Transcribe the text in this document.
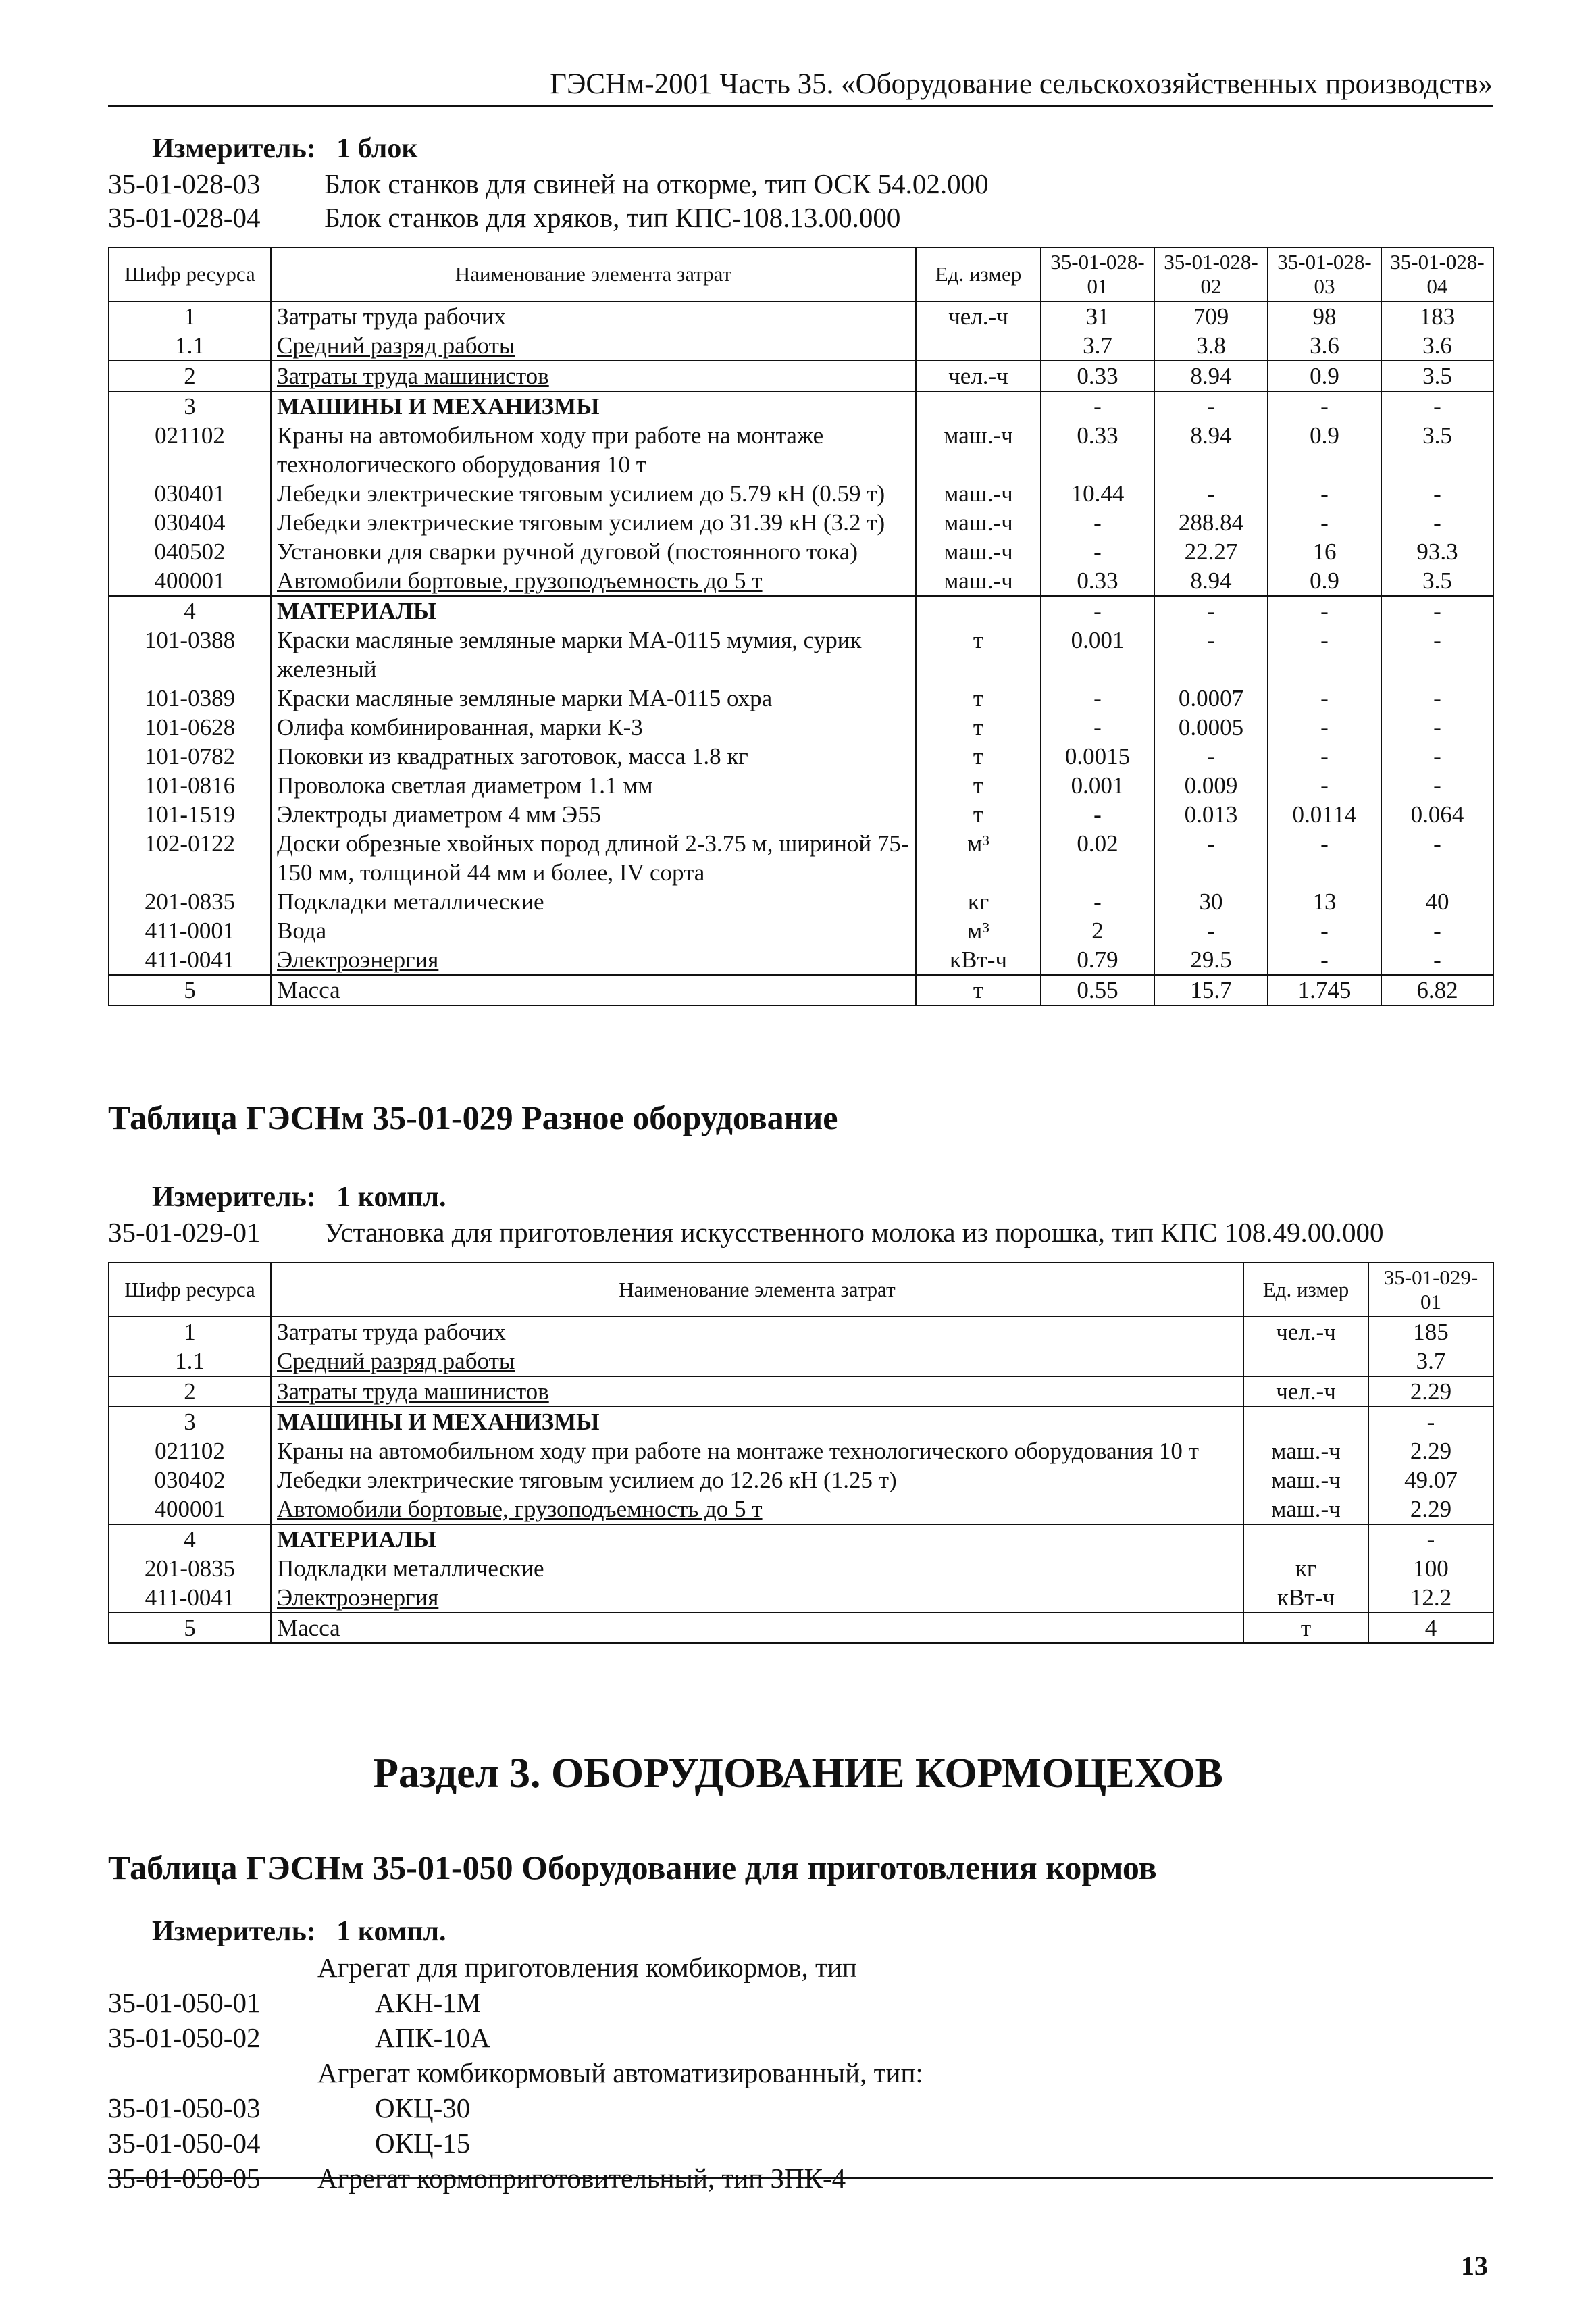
ГЭСНм-2001 Часть 35. «Оборудование сельскохозяйственных производств»
Измеритель: 1 блок
35-01-028-03 Блок станков для свиней на откорме, тип ОСК 54.02.000
35-01-028-04 Блок станков для хряков, тип КПС-108.13.00.000
Шифр ресурса	Наименование элемента затрат	Ед. измер	35-01-028-01	35-01-028-02	35-01-028-03	35-01-028-04
1	Затраты труда рабочих	чел.-ч	31	709	98	183
1.1	Средний разряд работы		3.7	3.8	3.6	3.6
2	Затраты труда машинистов	чел.-ч	0.33	8.94	0.9	3.5
3	МАШИНЫ И МЕХАНИЗМЫ		-	-	-	-
021102	Краны на автомобильном ходу при работе на монтаже технологического оборудования 10 т	маш.-ч	0.33	8.94	0.9	3.5
030401	Лебедки электрические тяговым усилием до 5.79 кН (0.59 т)	маш.-ч	10.44	-	-	-
030404	Лебедки электрические тяговым усилием до 31.39 кН (3.2 т)	маш.-ч	-	288.84	-	-
040502	Установки для сварки ручной дуговой (постоянного тока)	маш.-ч	-	22.27	16	93.3
400001	Автомобили бортовые, грузоподъемность до 5 т	маш.-ч	0.33	8.94	0.9	3.5
4	МАТЕРИАЛЫ		-	-	-	-
101-0388	Краски масляные земляные марки МА-0115 мумия, сурик железный	т	0.001	-	-	-
101-0389	Краски масляные земляные марки МА-0115 охра	т	-	0.0007	-	-
101-0628	Олифа комбинированная, марки К-3	т	-	0.0005	-	-
101-0782	Поковки из квадратных заготовок, масса 1.8 кг	т	0.0015	-	-	-
101-0816	Проволока светлая диаметром 1.1 мм	т	0.001	0.009	-	-
101-1519	Электроды диаметром 4 мм Э55	т	-	0.013	0.0114	0.064
102-0122	Доски обрезные хвойных пород длиной 2-3.75 м, шириной 75-150 мм, толщиной 44 мм и более, IV сорта	м³	0.02	-	-	-
201-0835	Подкладки металлические	кг	-	30	13	40
411-0001	Вода	м³	2	-	-	-
411-0041	Электроэнергия	кВт-ч	0.79	29.5	-	-
5	Масса	т	0.55	15.7	1.745	6.82
Таблица ГЭСНм 35-01-029 Разное оборудование
Измеритель: 1 компл.
35-01-029-01 Установка для приготовления искусственного молока из порошка, тип КПС 108.49.00.000
Шифр ресурса	Наименование элемента затрат	Ед. измер	35-01-029-01
1	Затраты труда рабочих	чел.-ч	185
1.1	Средний разряд работы		3.7
2	Затраты труда машинистов	чел.-ч	2.29
3	МАШИНЫ И МЕХАНИЗМЫ		-
021102	Краны на автомобильном ходу при работе на монтаже технологического оборудования 10 т	маш.-ч	2.29
030402	Лебедки электрические тяговым усилием до 12.26 кН (1.25 т)	маш.-ч	49.07
400001	Автомобили бортовые, грузоподъемность до 5 т	маш.-ч	2.29
4	МАТЕРИАЛЫ		-
201-0835	Подкладки металлические	кг	100
411-0041	Электроэнергия	кВт-ч	12.2
5	Масса	т	4
Раздел 3. ОБОРУДОВАНИЕ КОРМОЦЕХОВ
Таблица ГЭСНм 35-01-050 Оборудование для приготовления кормов
Измеритель: 1 компл.
Агрегат для приготовления комбикормов, тип
35-01-050-01	АКН-1М
35-01-050-02	АПК-10А
Агрегат комбикормовый автоматизированный, тип:
35-01-050-03	ОКЦ-30
35-01-050-04	ОКЦ-15
35-01-050-05 Агрегат кормоприготовительный, тип ЗПК-4
13
